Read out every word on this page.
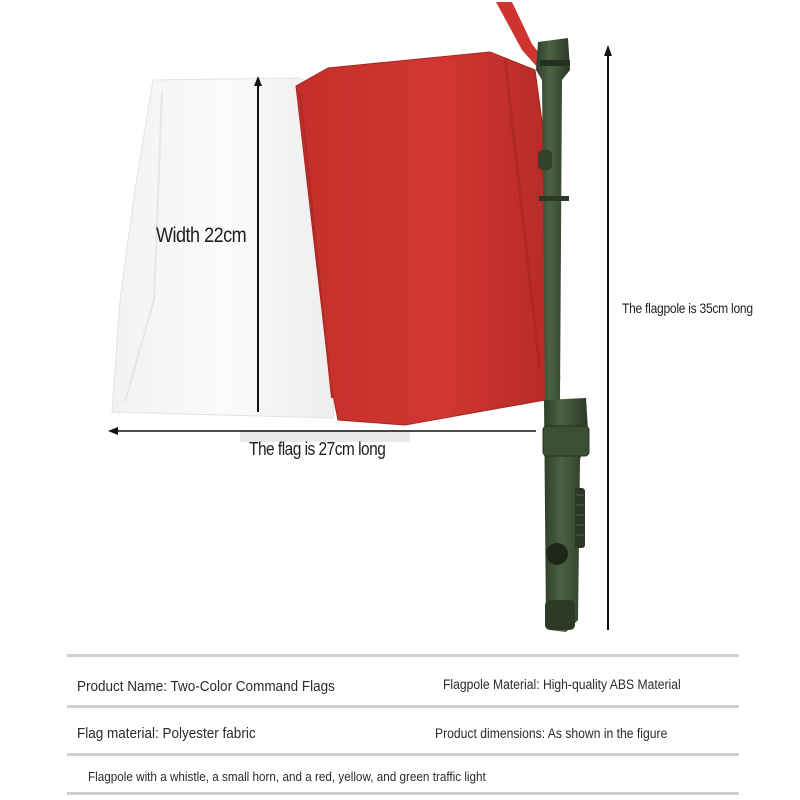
Width 22cm
The flag is 27cm long
The flagpole is 35cm long
Product Name: Two-Color Command Flags	Flagpole Material: High-quality ABS Material
Flag material: Polyester fabric	Product dimensions: As shown in the figure
Flagpole with a whistle, a small horn, and a red, yellow, and green traffic light
